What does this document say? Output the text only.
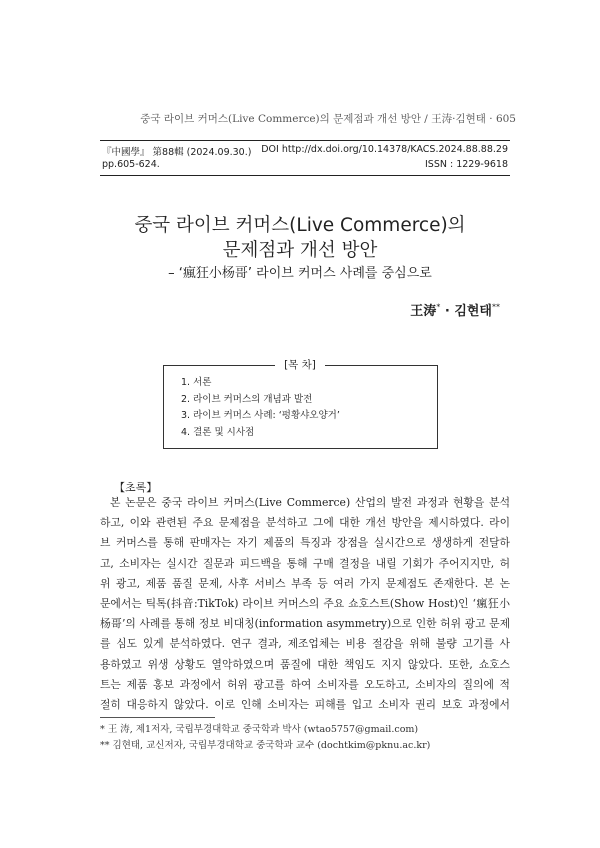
중국 라이브 커머스(Live Commerce)의 문제점과 개선 방안 / 王涛·김현태 · 605
『中國學』 第88輯 (2024.09.30.)
pp.605-624.
DOI http://dx.doi.org/10.14378/KACS.2024.88.88.29
ISSN : 1229-9618
중국 라이브 커머스(Live Commerce)의
문제점과 개선 방안
– ‘瘋狂小杨哥’ 라이브 커머스 사례를 중심으로
王涛* · 김현태**
1. 서론
2. 라이브 커머스의 개념과 발전
3. 라이브 커머스 사례: ‘펑황샤오양거’
4. 결론 및 시사점
[목 차]
【초록】
본 논문은 중국 라이브 커머스(Live Commerce) 산업의 발전 과정과 현황을 분석
하고, 이와 관련된 주요 문제점을 분석하고 그에 대한 개선 방안을 제시하였다. 라이
브 커머스를 통해 판매자는 자기 제품의 특징과 장점을 실시간으로 생생하게 전달하
고, 소비자는 실시간 질문과 피드백을 통해 구매 결정을 내릴 기회가 주어지지만, 허
위 광고, 제품 품질 문제, 사후 서비스 부족 등 여러 가지 문제점도 존재한다. 본 논
문에서는 틱톡(抖音:TikTok) 라이브 커머스의 주요 쇼호스트(Show Host)인 ‘瘋狂小
杨哥’의 사례를 통해 정보 비대칭(information asymmetry)으로 인한 허위 광고 문제
를 심도 있게 분석하였다. 연구 결과, 제조업체는 비용 절감을 위해 불량 고기를 사
용하였고 위생 상황도 열악하였으며 품질에 대한 책임도 지지 않았다. 또한, 쇼호스
트는 제품 홍보 과정에서 허위 광고를 하여 소비자를 오도하고, 소비자의 질의에 적
절히 대응하지 않았다. 이로 인해 소비자는 피해를 입고 소비자 권리 보호 과정에서
* 王 涛, 제1저자, 국립부경대학교 중국학과 박사 (wtao5757@gmail.com)
** 김현태, 교신저자, 국립부경대학교 중국학과 교수 (dochtkim@pknu.ac.kr)
